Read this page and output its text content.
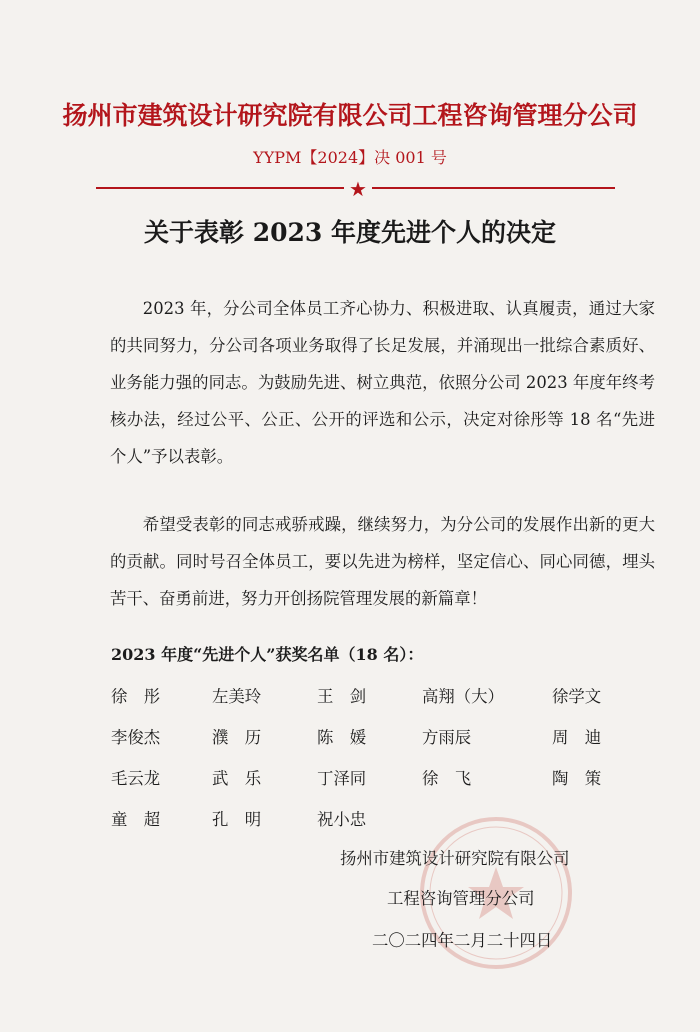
扬州市建筑设计研究院有限公司工程咨询管理分公司
YYPM【2024】决 001 号
★
关于表彰 2023 年度先进个人的决定
2023 年，分公司全体员工齐心协力、积极进取、认真履责，通过大家的共同努力，分公司各项业务取得了长足发展，并涌现出一批综合素质好、业务能力强的同志。为鼓励先进、树立典范，依照分公司 2023 年度年终考核办法，经过公平、公正、公开的评选和公示，决定对徐彤等 18 名“先进个人”予以表彰。
希望受表彰的同志戒骄戒躁，继续努力，为分公司的发展作出新的更大的贡献。同时号召全体员工，要以先进为榜样，坚定信心、同心同德，埋头苦干、奋勇前进，努力开创扬院管理发展的新篇章！
2023 年度“先进个人”获奖名单（18 名）：
徐　彤	左美玲	王　剑	高翔（大）	徐学文
李俊杰	濮　历	陈　媛	方雨辰	周　迪
毛云龙	武　乐	丁泽同	徐　飞	陶　策
童　超	孔　明	祝小忠
扬州市建筑设计研究院有限公司
工程咨询管理分公司
二〇二四年二月二十四日
